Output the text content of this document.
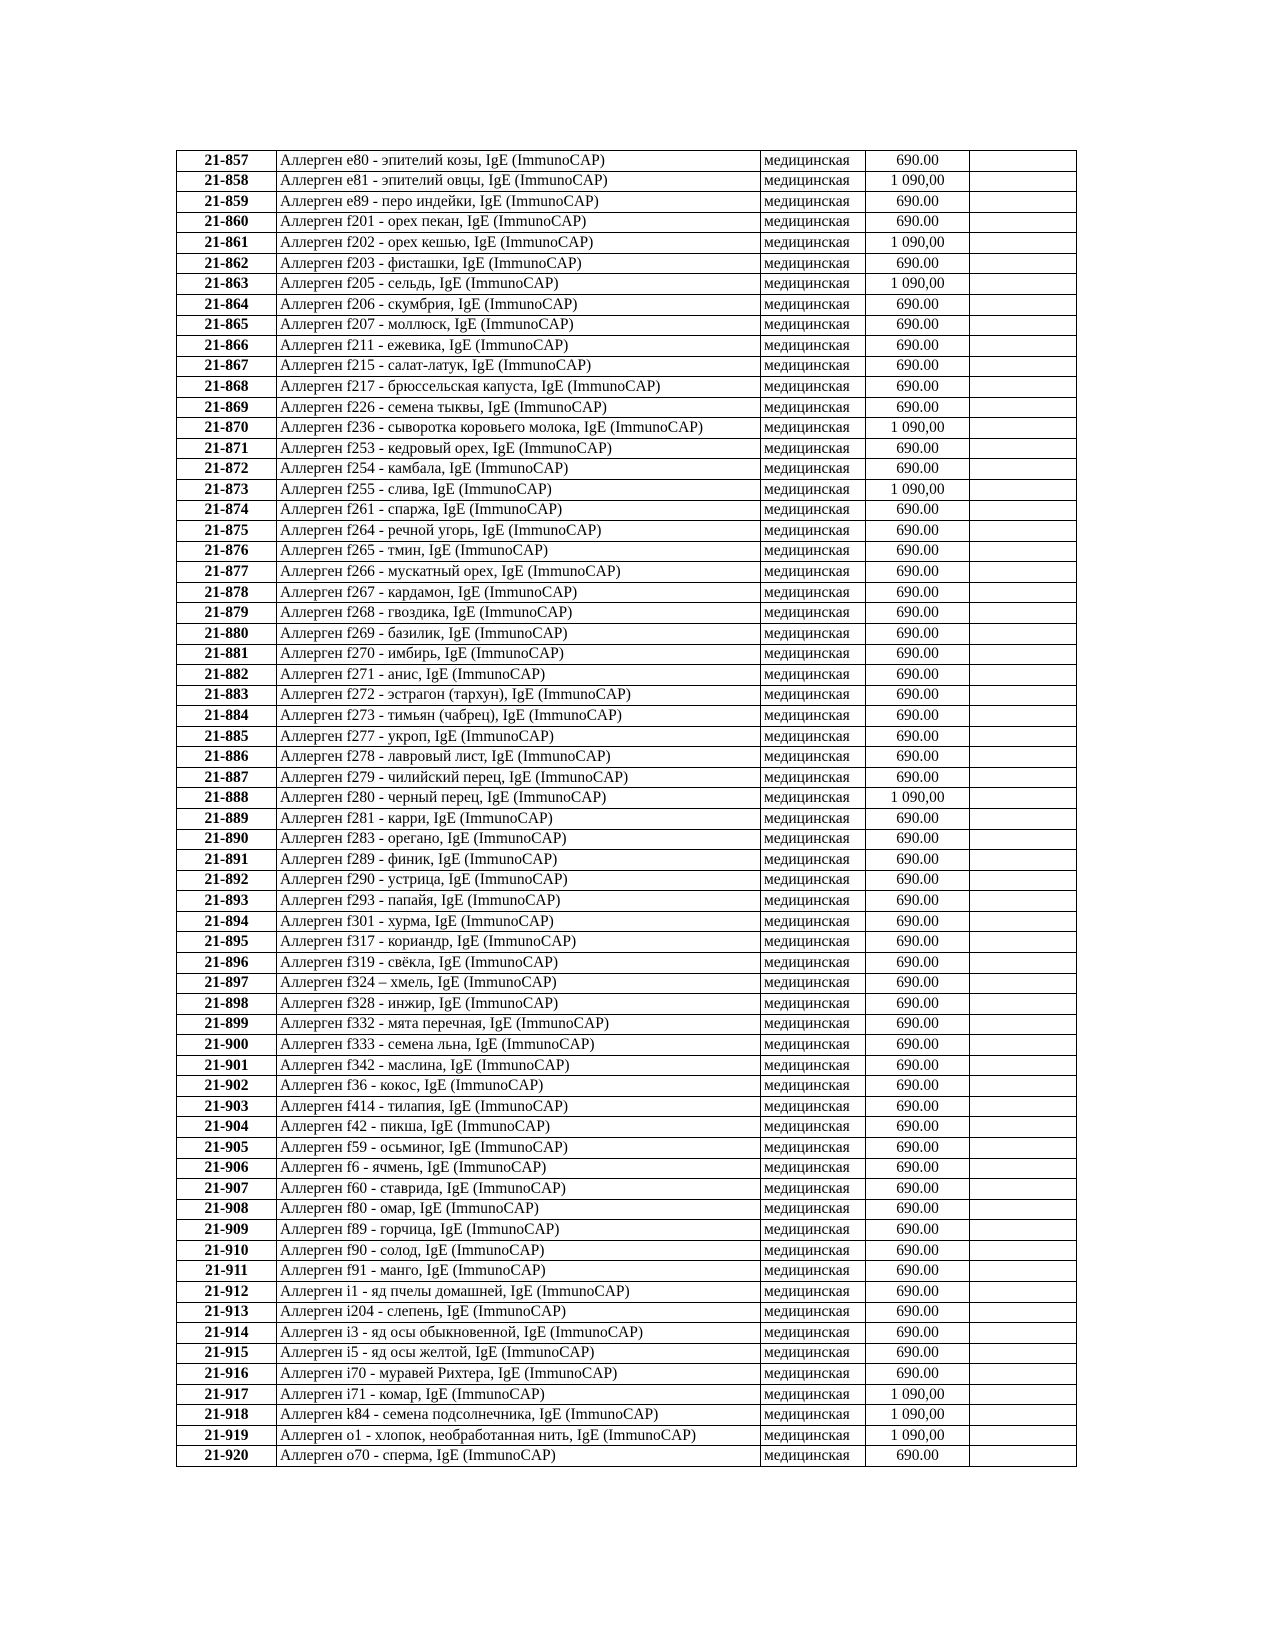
21-857	Аллерген e80 - эпителий козы, IgE (ImmunoCAP)	медицинская	690.00	
21-858	Аллерген e81 - эпителий овцы, IgE (ImmunoCAP)	медицинская	1 090,00	
21-859	Аллерген e89 - перо индейки, IgE (ImmunoCAP)	медицинская	690.00	
21-860	Аллерген f201 - орех пекан, IgE (ImmunoCAP)	медицинская	690.00	
21-861	Аллерген f202 - орех кешью, IgE (ImmunoCAP)	медицинская	1 090,00	
21-862	Аллерген f203 - фисташки, IgE (ImmunoCAP)	медицинская	690.00	
21-863	Аллерген f205 - сельдь, IgE (ImmunoCAP)	медицинская	1 090,00	
21-864	Аллерген f206 - скумбрия, IgE (ImmunoCAP)	медицинская	690.00	
21-865	Аллерген f207 - моллюск, IgE (ImmunoCAP)	медицинская	690.00	
21-866	Аллерген f211 - ежевика, IgE (ImmunoCAP)	медицинская	690.00	
21-867	Аллерген f215 - салат-латук, IgE (ImmunoCAP)	медицинская	690.00	
21-868	Аллерген f217 - брюссельская капуста, IgE (ImmunoCAP)	медицинская	690.00	
21-869	Аллерген f226 - семена тыквы, IgE (ImmunoCAP)	медицинская	690.00	
21-870	Аллерген f236 - сыворотка коровьего молока, IgE (ImmunoCAP)	медицинская	1 090,00	
21-871	Аллерген f253 - кедровый орех, IgE (ImmunoCAP)	медицинская	690.00	
21-872	Аллерген f254 - камбала, IgE (ImmunoCAP)	медицинская	690.00	
21-873	Аллерген f255 - слива, IgE (ImmunoCAP)	медицинская	1 090,00	
21-874	Аллерген f261 - спаржа, IgE (ImmunoCAP)	медицинская	690.00	
21-875	Аллерген f264 - речной угорь, IgE (ImmunoCAP)	медицинская	690.00	
21-876	Аллерген f265 - тмин, IgE (ImmunoCAP)	медицинская	690.00	
21-877	Аллерген f266 - мускатный орех, IgE (ImmunoCAP)	медицинская	690.00	
21-878	Аллерген f267 - кардамон, IgE (ImmunoCAP)	медицинская	690.00	
21-879	Аллерген f268 - гвоздика, IgE (ImmunoCAP)	медицинская	690.00	
21-880	Аллерген f269 - базилик, IgE (ImmunoCAP)	медицинская	690.00	
21-881	Аллерген f270 - имбирь, IgE (ImmunoCAP)	медицинская	690.00	
21-882	Аллерген f271 - анис, IgE (ImmunoCAP)	медицинская	690.00	
21-883	Аллерген f272 - эстрагон (тархун), IgE (ImmunoCAP)	медицинская	690.00	
21-884	Аллерген f273 - тимьян (чабрец), IgE (ImmunoCAP)	медицинская	690.00	
21-885	Аллерген f277 - укроп, IgE (ImmunoCAP)	медицинская	690.00	
21-886	Аллерген f278 - лавровый лист, IgE (ImmunoCAP)	медицинская	690.00	
21-887	Аллерген f279 - чилийский перец, IgE (ImmunoCAP)	медицинская	690.00	
21-888	Аллерген f280 - черный перец, IgE (ImmunoCAP)	медицинская	1 090,00	
21-889	Аллерген f281 - карри, IgE (ImmunoCAP)	медицинская	690.00	
21-890	Аллерген f283 - орегано, IgE (ImmunoCAP)	медицинская	690.00	
21-891	Аллерген f289 - финик, IgE (ImmunoCAP)	медицинская	690.00	
21-892	Аллерген f290 - устрица, IgE (ImmunoCAP)	медицинская	690.00	
21-893	Аллерген f293 - папайя, IgE (ImmunoCAP)	медицинская	690.00	
21-894	Аллерген f301 - хурма, IgE (ImmunoCAP)	медицинская	690.00	
21-895	Аллерген f317 - кориандр, IgE (ImmunoCAP)	медицинская	690.00	
21-896	Аллерген f319 - свёкла, IgE (ImmunoCAP)	медицинская	690.00	
21-897	Аллерген f324 – хмель, IgE (ImmunoCAP)	медицинская	690.00	
21-898	Аллерген f328 - инжир, IgE (ImmunoCAP)	медицинская	690.00	
21-899	Аллерген f332 - мята перечная, IgE (ImmunoCAP)	медицинская	690.00	
21-900	Аллерген f333 - семена льна, IgE (ImmunoCAP)	медицинская	690.00	
21-901	Аллерген f342 - маслина, IgE (ImmunoCAP)	медицинская	690.00	
21-902	Аллерген f36 - кокос, IgE (ImmunoCAP)	медицинская	690.00	
21-903	Аллерген f414 - тилапия, IgE (ImmunoCAP)	медицинская	690.00	
21-904	Аллерген f42 - пикша, IgE (ImmunoCAP)	медицинская	690.00	
21-905	Аллерген f59 - осьминог, IgE (ImmunoCAP)	медицинская	690.00	
21-906	Аллерген f6 - ячмень, IgE (ImmunoCAP)	медицинская	690.00	
21-907	Аллерген f60 - ставрида, IgE (ImmunoCAP)	медицинская	690.00	
21-908	Аллерген f80 - омар, IgE (ImmunoCAP)	медицинская	690.00	
21-909	Аллерген f89 - горчица, IgE (ImmunoCAP)	медицинская	690.00	
21-910	Аллерген f90 - солод, IgE (ImmunoCAP)	медицинская	690.00	
21-911	Аллерген f91 - манго, IgE (ImmunoCAP)	медицинская	690.00	
21-912	Аллерген i1 - яд пчелы домашней, IgE (ImmunoCAP)	медицинская	690.00	
21-913	Аллерген i204 - слепень, IgE (ImmunoCAP)	медицинская	690.00	
21-914	Аллерген i3 - яд осы обыкновенной, IgE (ImmunoCAP)	медицинская	690.00	
21-915	Аллерген i5 - яд осы желтой, IgE (ImmunoCAP)	медицинская	690.00	
21-916	Аллерген i70 - муравей Рихтера, IgE (ImmunoCAP)	медицинская	690.00	
21-917	Аллерген i71 - комар, IgE (ImmunoCAP)	медицинская	1 090,00	
21-918	Аллерген k84 - семена подсолнечника, IgE (ImmunoCAP)	медицинская	1 090,00	
21-919	Аллерген o1 - хлопок, необработанная нить, IgE (ImmunoCAP)	медицинская	1 090,00	
21-920	Аллерген o70 - сперма, IgE (ImmunoCAP)	медицинская	690.00	
